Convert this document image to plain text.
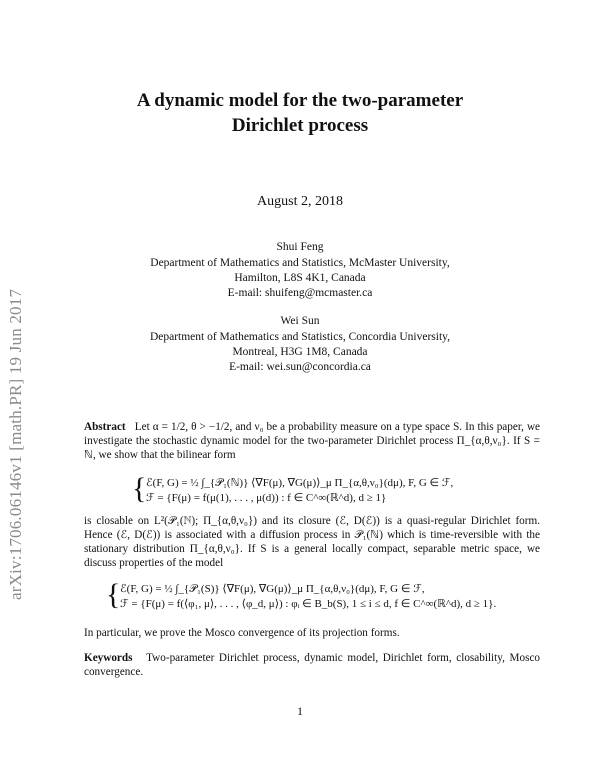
arXiv:1706.06146v1 [math.PR] 19 Jun 2017
A dynamic model for the two-parameter
Dirichlet process
August 2, 2018
Shui Feng
Department of Mathematics and Statistics, McMaster University,
Hamilton, L8S 4K1, Canada
E-mail: shuifeng@mcmaster.ca
Wei Sun
Department of Mathematics and Statistics, Concordia University,
Montreal, H3G 1M8, Canada
E-mail: wei.sun@concordia.ca
Abstract Let α = 1/2, θ > −1/2, and ν₀ be a probability measure on a type space S. In this paper, we investigate the stochastic dynamic model for the two-parameter Dirichlet process Π_{α,θ,ν₀}. If S = ℕ, we show that the bilinear form
{ ℰ(F, G) = ½ ∫_{𝒫₁(ℕ)} ⟨∇F(μ), ∇G(μ)⟩_μ Π_{α,θ,ν₀}(dμ), F, G ∈ ℱ,
ℱ = {F(μ) = f(μ(1), . . . , μ(d)) : f ∈ C^∞(ℝ^d), d ≥ 1}
is closable on L²(𝒫₁(ℕ); Π_{α,θ,ν₀}) and its closure (ℰ, D(ℰ)) is a quasi-regular Dirichlet form. Hence (ℰ, D(ℰ)) is associated with a diffusion process in 𝒫₁(ℕ) which is time-reversible with the stationary distribution Π_{α,θ,ν₀}. If S is a general locally compact, separable metric space, we discuss properties of the model
{ ℰ(F, G) = ½ ∫_{𝒫₁(S)} ⟨∇F(μ), ∇G(μ)⟩_μ Π_{α,θ,ν₀}(dμ), F, G ∈ ℱ,
ℱ = {F(μ) = f(⟨φ₁, μ⟩, . . . , ⟨φ_d, μ⟩) : φᵢ ∈ B_b(S), 1 ≤ i ≤ d, f ∈ C^∞(ℝ^d), d ≥ 1}.
In particular, we prove the Mosco convergence of its projection forms.
Keywords Two-parameter Dirichlet process, dynamic model, Dirichlet form, closability, Mosco convergence.
1
